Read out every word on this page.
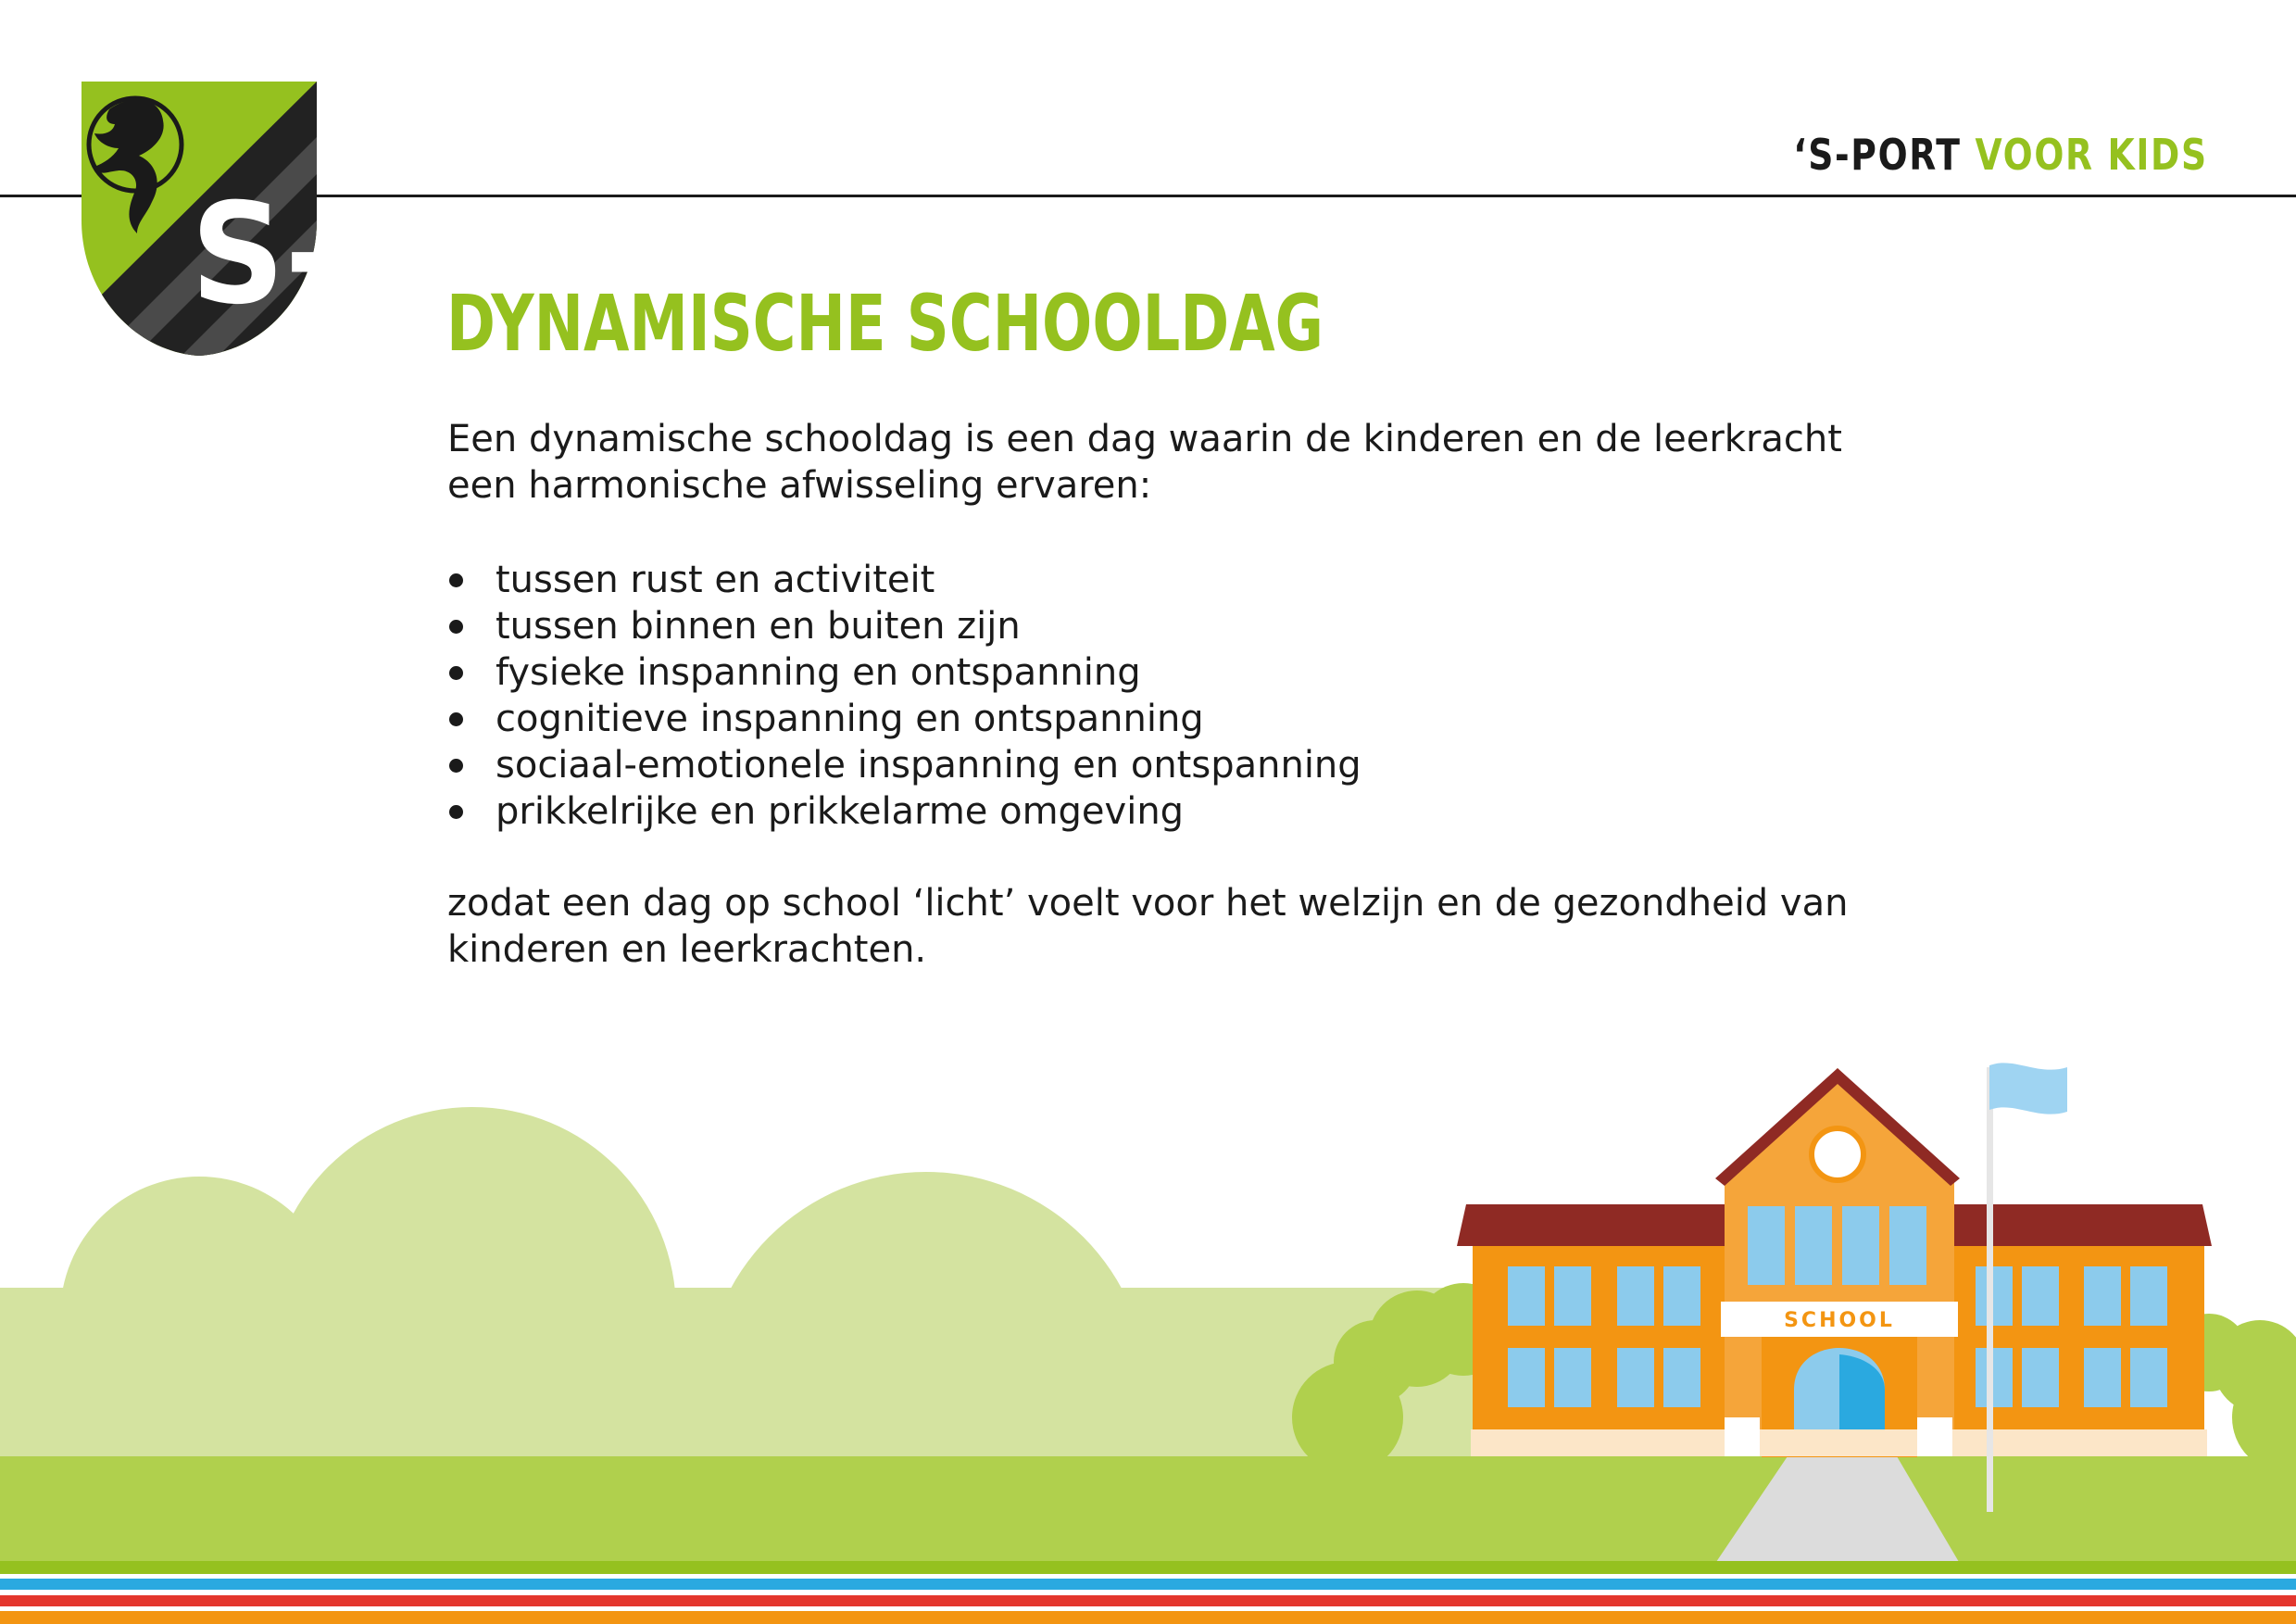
S-
‘S-PORT VOOR KIDS
DYNAMISCHE SCHOOLDAG

Een dynamische schooldag is een dag waarin de kinderen en de leerkracht
een harmonische afwisseling ervaren:

tussen rust en activiteit
tussen binnen en buiten zijn
fysieke inspanning en ontspanning
cognitieve inspanning en ontspanning
sociaal-emotionele inspanning en ontspanning
prikkelrijke en prikkelarme omgeving

zodat een dag op school ‘licht’ voelt voor het welzijn en de gezondheid van
kinderen en leerkrachten.

SCHOOL
